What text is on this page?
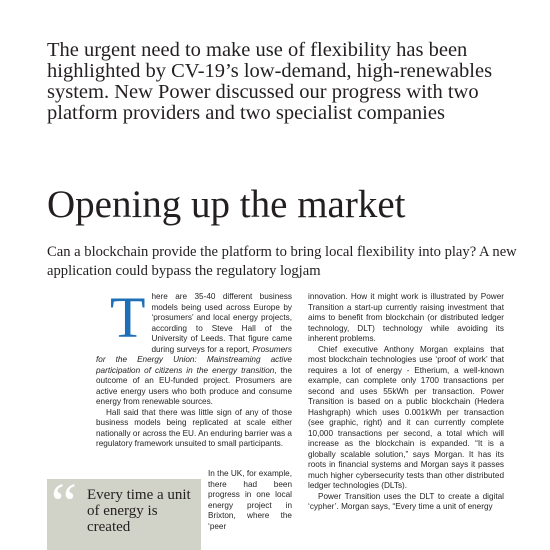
The urgent need to make use of flexibility has been highlighted by CV-19’s low-demand, high-renewables system. New Power discussed our progress with two platform providers and two specialist companies

Opening up the market

Can a blockchain provide the platform to bring local flexibility into play? A new application could bypass the regulatory logjam

There are 35-40 different business models being used across Europe by ‘prosumers’ and local energy projects, according to Steve Hall of the University of Leeds. That figure came during surveys for a report, Prosumers for the Energy Union: Mainstreaming active participation of citizens in the energy transition, the outcome of an EU-funded project. Prosumers are active energy users who both produce and consume energy from renewable sources.

Hall said that there was little sign of any of those business models being replicated at scale either nationally or across the EU. An enduring barrier was a regulatory framework unsuited to small participants.

In the UK, for example, there had been progress in one local energy project in Brixton, where the ‘peer

“ Every time a unit of energy is created

innovation. How it might work is illustrated by Power Transition a start-up currently raising investment that aims to benefit from blockchain (or distributed ledger technology, DLT) technology while avoiding its inherent problems.

Chief executive Anthony Morgan explains that most blockchain technologies use ‘proof of work’ that requires a lot of energy - Etherium, a well-known example, can complete only 1700 transactions per second and uses 55kWh per transaction. Power Transition is based on a public blockchain (Hedera Hashgraph) which uses 0.001kWh per transaction (see graphic, right) and it can currently complete 10,000 transactions per second, a total which will increase as the blockchain is expanded. “It is a globally scalable solution,” says Morgan. It has its roots in financial systems and Morgan says it passes much higher cybersecurity tests than other distributed ledger technologies (DLTs).

Power Transition uses the DLT to create a digital ‘cypher’. Morgan says, “Every time a unit of energy
